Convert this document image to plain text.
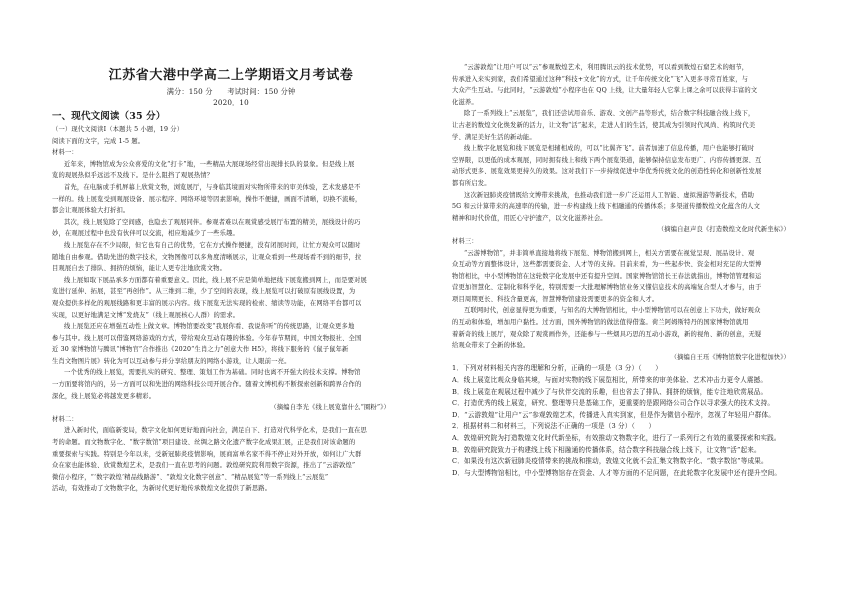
江苏省大港中学高二上学期语文月考试卷
满分：150 分　　考试时间：150 分钟
2020．10
一、现代文阅读（35 分）
（一）现代文阅读Ⅰ（本题共 5 小题，19 分）
阅读下面的文字，完成 1-5 题。
材料一：
近年来，博物馆成为公众喜爱的文化“打卡”地，一些精品大展现场经常出现排长队的景象。但是线上展
览的现展热似乎远远不及线下。是什么阻挡了观展热情？
首先，在电脑或手机屏幕上欣赏文物，浏览展厅，与身临其境面对实物所带来的审美体验，艺术发感是不
一样的。线上展览受到观展设备、展示程序、网络环境等因素影响，操作不便捷，画面不清晰，切换不流畅，
都会让观展体验大打折扣。
其次，线上展览除了空间感，也隐去了观展同伴。参观者难以在观赏感受展厅布置的精美，展线设计的巧
妙，在观展过程中也没有伙伴可以交流，相应地减少了一些乐趣。
线上展览存在不少局限，但它也有自己的优势，它在方式操作便捷，没有闭展时间，让忙方观众可以随时
随地自由参观。借助先进的数字技术，文物图像可以多角度清晰展示，让观众看到一些现场看不到的细节，拉
目观展自去了排队、拥挤的烦恼，能让人更专注地欣赏文物。
线上展如取下展品承多方面都有着重要意义。因此，线上展不应是简单地把线下展览搬到网上，而是要对展
览进行延伸、拓展，甚至“再创作”。从三维到二维，少了空间的表现，线上展览可以打破原有展线设置，为
观众提供多样化的观展线路和更丰富的展示内容。线下展览无法实现的检索、缩读等功能，在网络平台都可以
实现，以更好地满足文博“发烧友”（线上观展核心人群）的需求。
线上展览还应在增强互动性上做文章。博物馆要改变“我展你看、我说你听”的传统思路，让观众更多地
参与其中。线上展可以借鉴网络游戏的方式，带给观众互动有趣的体验。今年春节期间，中国文物报社、全国
近 30 家博物馆与腾讯“博物官”合作推出《2020“生肖之力”创意大作 H5》，将线下服务的《鼠子鼠年新
生肖文物图片展》转化为可以互动参与并分享给朋友的网络小游戏，让人眼前一亮。
一个优秀的线上展览，需要扎实的研究、整理、策划工作为基础。同时也离不开强大的技术支撑。博物馆
一方面要将馆内的，另一方面可以和先进的网络科技公司开展合作。随着文博机构不断探索创新和跨界合作的
深化，线上展览必将越发更多精彩。
（摘编自李光《线上展览靠什么“圈粉”》）
材料二：
进入新时代，面临新变局，数字文化如何更好地面向社会，满足自下、打造对代科学化术，是我们一直在思
考的命题。而文物数字化、“数字数馆”项目建设、丝绸之路文化遗产数字化成果汇展，正是我们对该命题的
重要探索与实践。特别是今年以来，受新冠肺炎疫情影响，展商富单名家不得不停止对外开放，如何让广大群
众在家也能体验、欣赏数煌艺术，是我们一直在思考的问题。敦煌研究院利用数字资源，推出了“云游敦煌”
微信小程序，“‘数字敦煌’精品线路游”、“敦煌文化数字创意”、“精品展览”等一系列线上“云展览”
活动，有效推动了文物数字化，为新时代更好地传承数煌文化提供了新思路。
“云游敦煌”让用户可以“云”参观数煌艺术，利用腾讯云的技术优势，可以看到数煌石窟艺术的细节，
传承进入来实到家，我们希望通过这种“科技+文化”的方式，让千年传统文化“飞”入更多寻常百姓家，与
大众产生互动。与此同时，“云游敦煌”小程序也在 QQ 上线，让大量年轻人它掌上课之余可以获得丰富的文
化滋养。
除了一系列线上“云展览”，我们还尝试用音乐、游戏、文创产品等形式，结合数字科技融合线上线下，
让古老的数煌文化焕发新的活力，让文物“活”起来，走进人们的生活，使其成为引领时代风尚、构筑时代美
学、满足美好生活的新动能。
线上数字化展览和线下展览是相辅相成的，可以“比翼齐飞”。前者加速了信息传播，用户也能够打破时
空界限，以更低的成本观展，同时拥有线上和线下两个展览渠道，能够保持信息发布更广、内容传播更深、互
动形式更多、展览效果更持久的效果。这对我们下一步持续促进中华优秀传统文化的创造性转化和创新性发展
都有所启发。
这次新冠肺炎疫情既给文博带来挑战，也推动我们进一步广泛运用人工智能、虚拟漫游等新技术，借助
5G 和云计算带来的高速率的传输，进一步构建线上线下相融通的传播体系；多渠道传播数煌文化蕴含的人文
精神和时代价值，用匠心守护遗产，以文化滋养社会。
（摘编自赵声良《打造数煌文化时代新坐标》）
材料三：
“云游博物馆”，并非简单直接地将线下展览、博物馆搬到网上，相关方需要在视觉呈现、展品设计、观
众互动等方面整体设计，这些都需要资金、人才等的支持。目前来看，为一些起步快、资金相对充足的大型博
物馆相比，中小型博物馆在这轮数字化发展中还有提升空间。国家博物馆馆长王春法就指出，博物馆管理和运
营更加智慧化、定制化和科学化，特别需要一大批理解博物馆业务又懂信息技术的高端复合型人才参与，由于
项目周期更长、科技含量更高，智慧博物馆建设需要更多的资金和人才。
互联网时代，创意显得更为重要，与知名的大博物馆相比，中小型博物馆可以在创意上下功夫，做好观众
的互动和体验，增加用户黏性。过方面，国外博物馆的做法值得借鉴。荷兰阿姆斯特丹的国家博物馆就用
着新奇的线上展厅，观众除了观赏画作外，还能参与一些烟具巧思的互动小游戏，新的视角、新的创意，无疑
给观众带来了全新的体验。
（摘编自王珏《博物馆数字化进程加快》）
1．下列对材料相关内容的理解和分析，正确的一项是（3 分）（　　）
A．线上展览比观众身临其境，与面对实物的线下展览相比，所带来的审美体验、艺术冲击力更令人震撼。
B．线上展览在观展过程中减少了与伙伴交流的乐趣，但也省去了排队、拥挤的烦恼，能专注地欣赏展品。
C．打造优秀的线上展览，研究、整理等只是基础工作，更重要的是跟网络公司合作以寻求强大的技术支持。
D．“云游敦煌”让用户“云”参观敦煌艺术，传播进入真实到家，但是作为微信小程序，忽视了年轻用户群体。
2．根据材料二和材料三，下列说法不正确的一项是（3 分）（　　）
A．敦煌研究院为打造数煌文化时代新坐标，有效推动文物数字化，进行了一系列行之有效的重要探索和实践。
B．敦煌研究院致力于构建线上线下相融通的传播体系，结合数字科技融合线上线下，让文物“活”起来。
C．如果没有这次新冠肺炎疫情带来的挑战和推动，敦煌文化就不会汇集文物数字化、“数字数馆”等成果。
D．与大型博物馆相比，中小型博物馆存在资金、人才等方面的不足问题，在此轮数字化发展中还有提升空间。
